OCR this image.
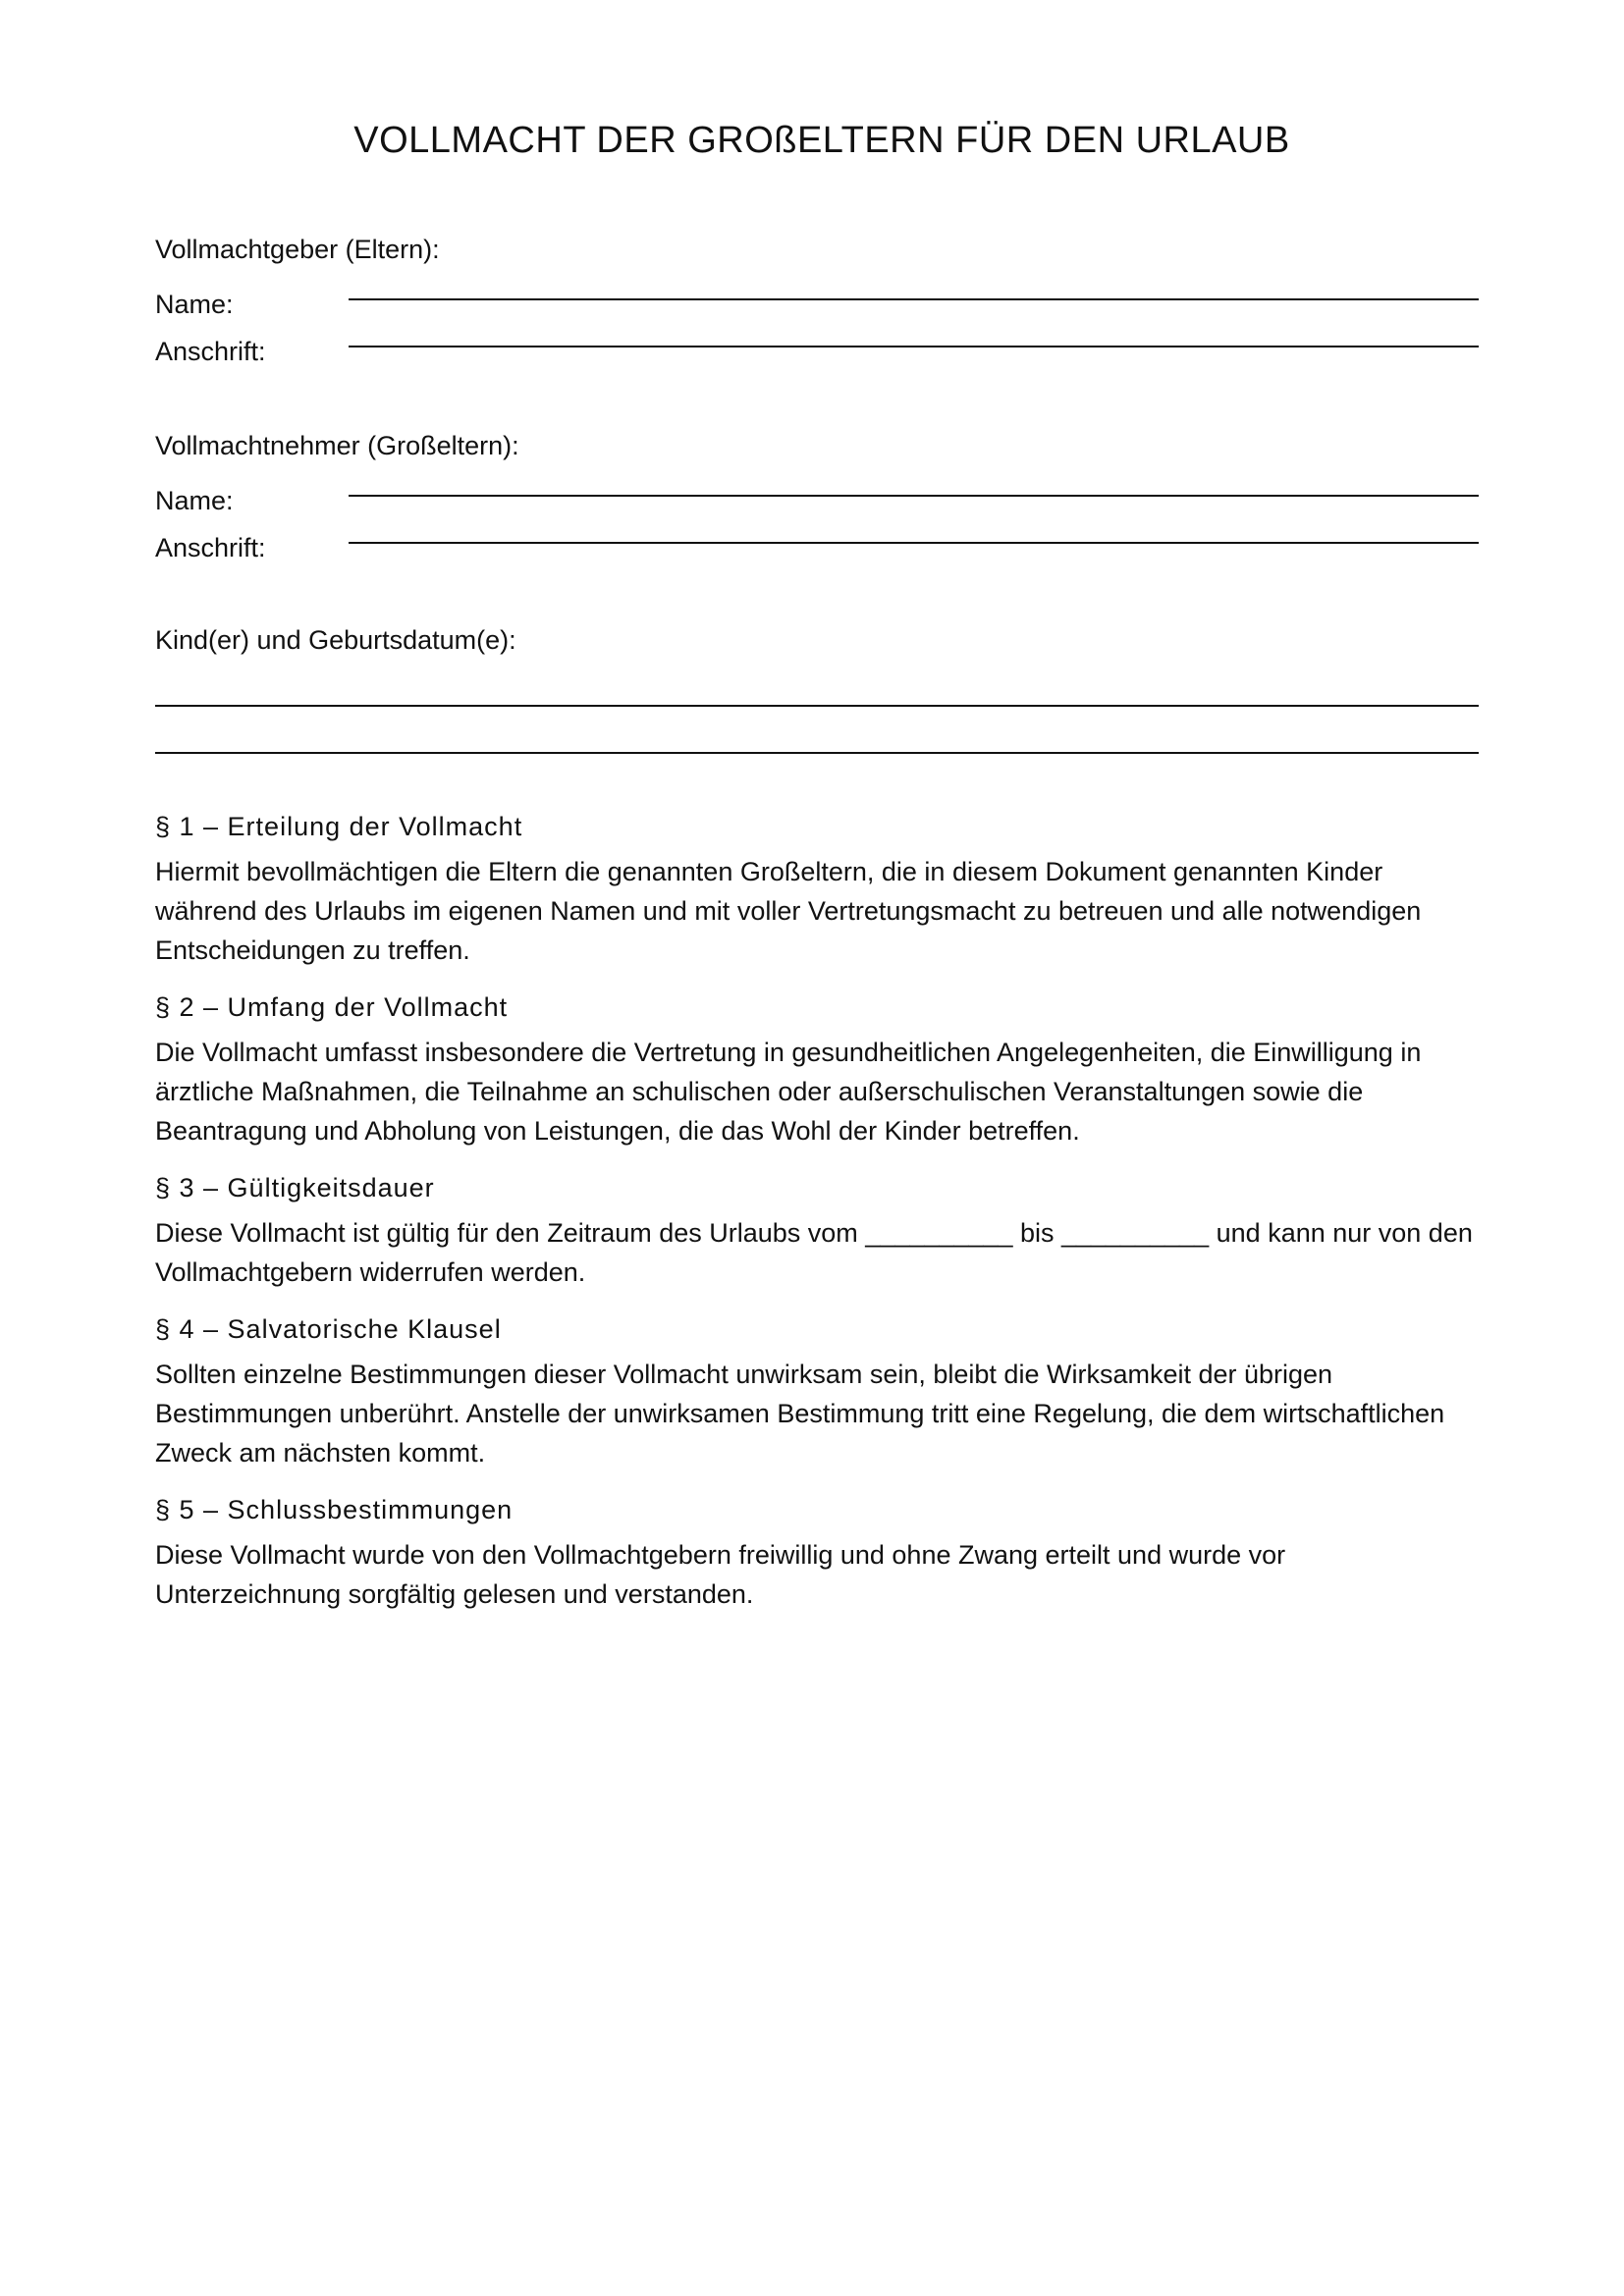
VOLLMACHT DER GROßELTERN FÜR DEN URLAUB
Vollmachtgeber (Eltern):
Name:
Anschrift:
Vollmachtnehmer (Großeltern):
Name:
Anschrift:
Kind(er) und Geburtsdatum(e):
§ 1 – Erteilung der Vollmacht

Hiermit bevollmächtigen die Eltern die genannten Großeltern, die in diesem Dokument genannten Kinder während des Urlaubs im eigenen Namen und mit voller Vertretungsmacht zu betreuen und alle notwendigen Entscheidungen zu treffen.

§ 2 – Umfang der Vollmacht

Die Vollmacht umfasst insbesondere die Vertretung in gesundheitlichen Angelegenheiten, die Einwilligung in ärztliche Maßnahmen, die Teilnahme an schulischen oder außerschulischen Veranstaltungen sowie die Beantragung und Abholung von Leistungen, die das Wohl der Kinder betreffen.

§ 3 – Gültigkeitsdauer

Diese Vollmacht ist gültig für den Zeitraum des Urlaubs vom __________ bis __________ und kann nur von den Vollmachtgebern widerrufen werden.

§ 4 – Salvatorische Klausel

Sollten einzelne Bestimmungen dieser Vollmacht unwirksam sein, bleibt die Wirksamkeit der übrigen Bestimmungen unberührt. Anstelle der unwirksamen Bestimmung tritt eine Regelung, die dem wirtschaftlichen Zweck am nächsten kommt.

§ 5 – Schlussbestimmungen

Diese Vollmacht wurde von den Vollmachtgebern freiwillig und ohne Zwang erteilt und wurde vor Unterzeichnung sorgfältig gelesen und verstanden.
